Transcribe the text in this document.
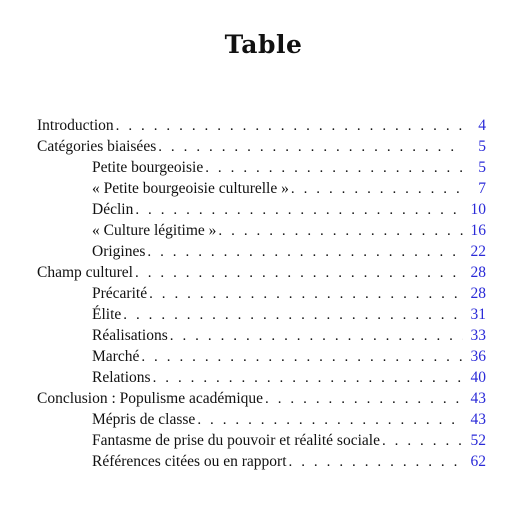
Table
Introduction . . .	4
Catégories biaisées . . .	5
Petite bourgeoisie . . .	5
« Petite bourgeoisie culturelle » . . .	7
Déclin . . .	10
« Culture légitime » . . .	16
Origines . . .	22
Champ culturel . . .	28
Précarité . . .	28
Élite . . .	31
Réalisations . . .	33
Marché . . .	36
Relations . . .	40
Conclusion : Populisme académique . . .	43
Mépris de classe . . .	43
Fantasme de prise du pouvoir et réalité sociale . . .	52
Références citées ou en rapport . . .	62
